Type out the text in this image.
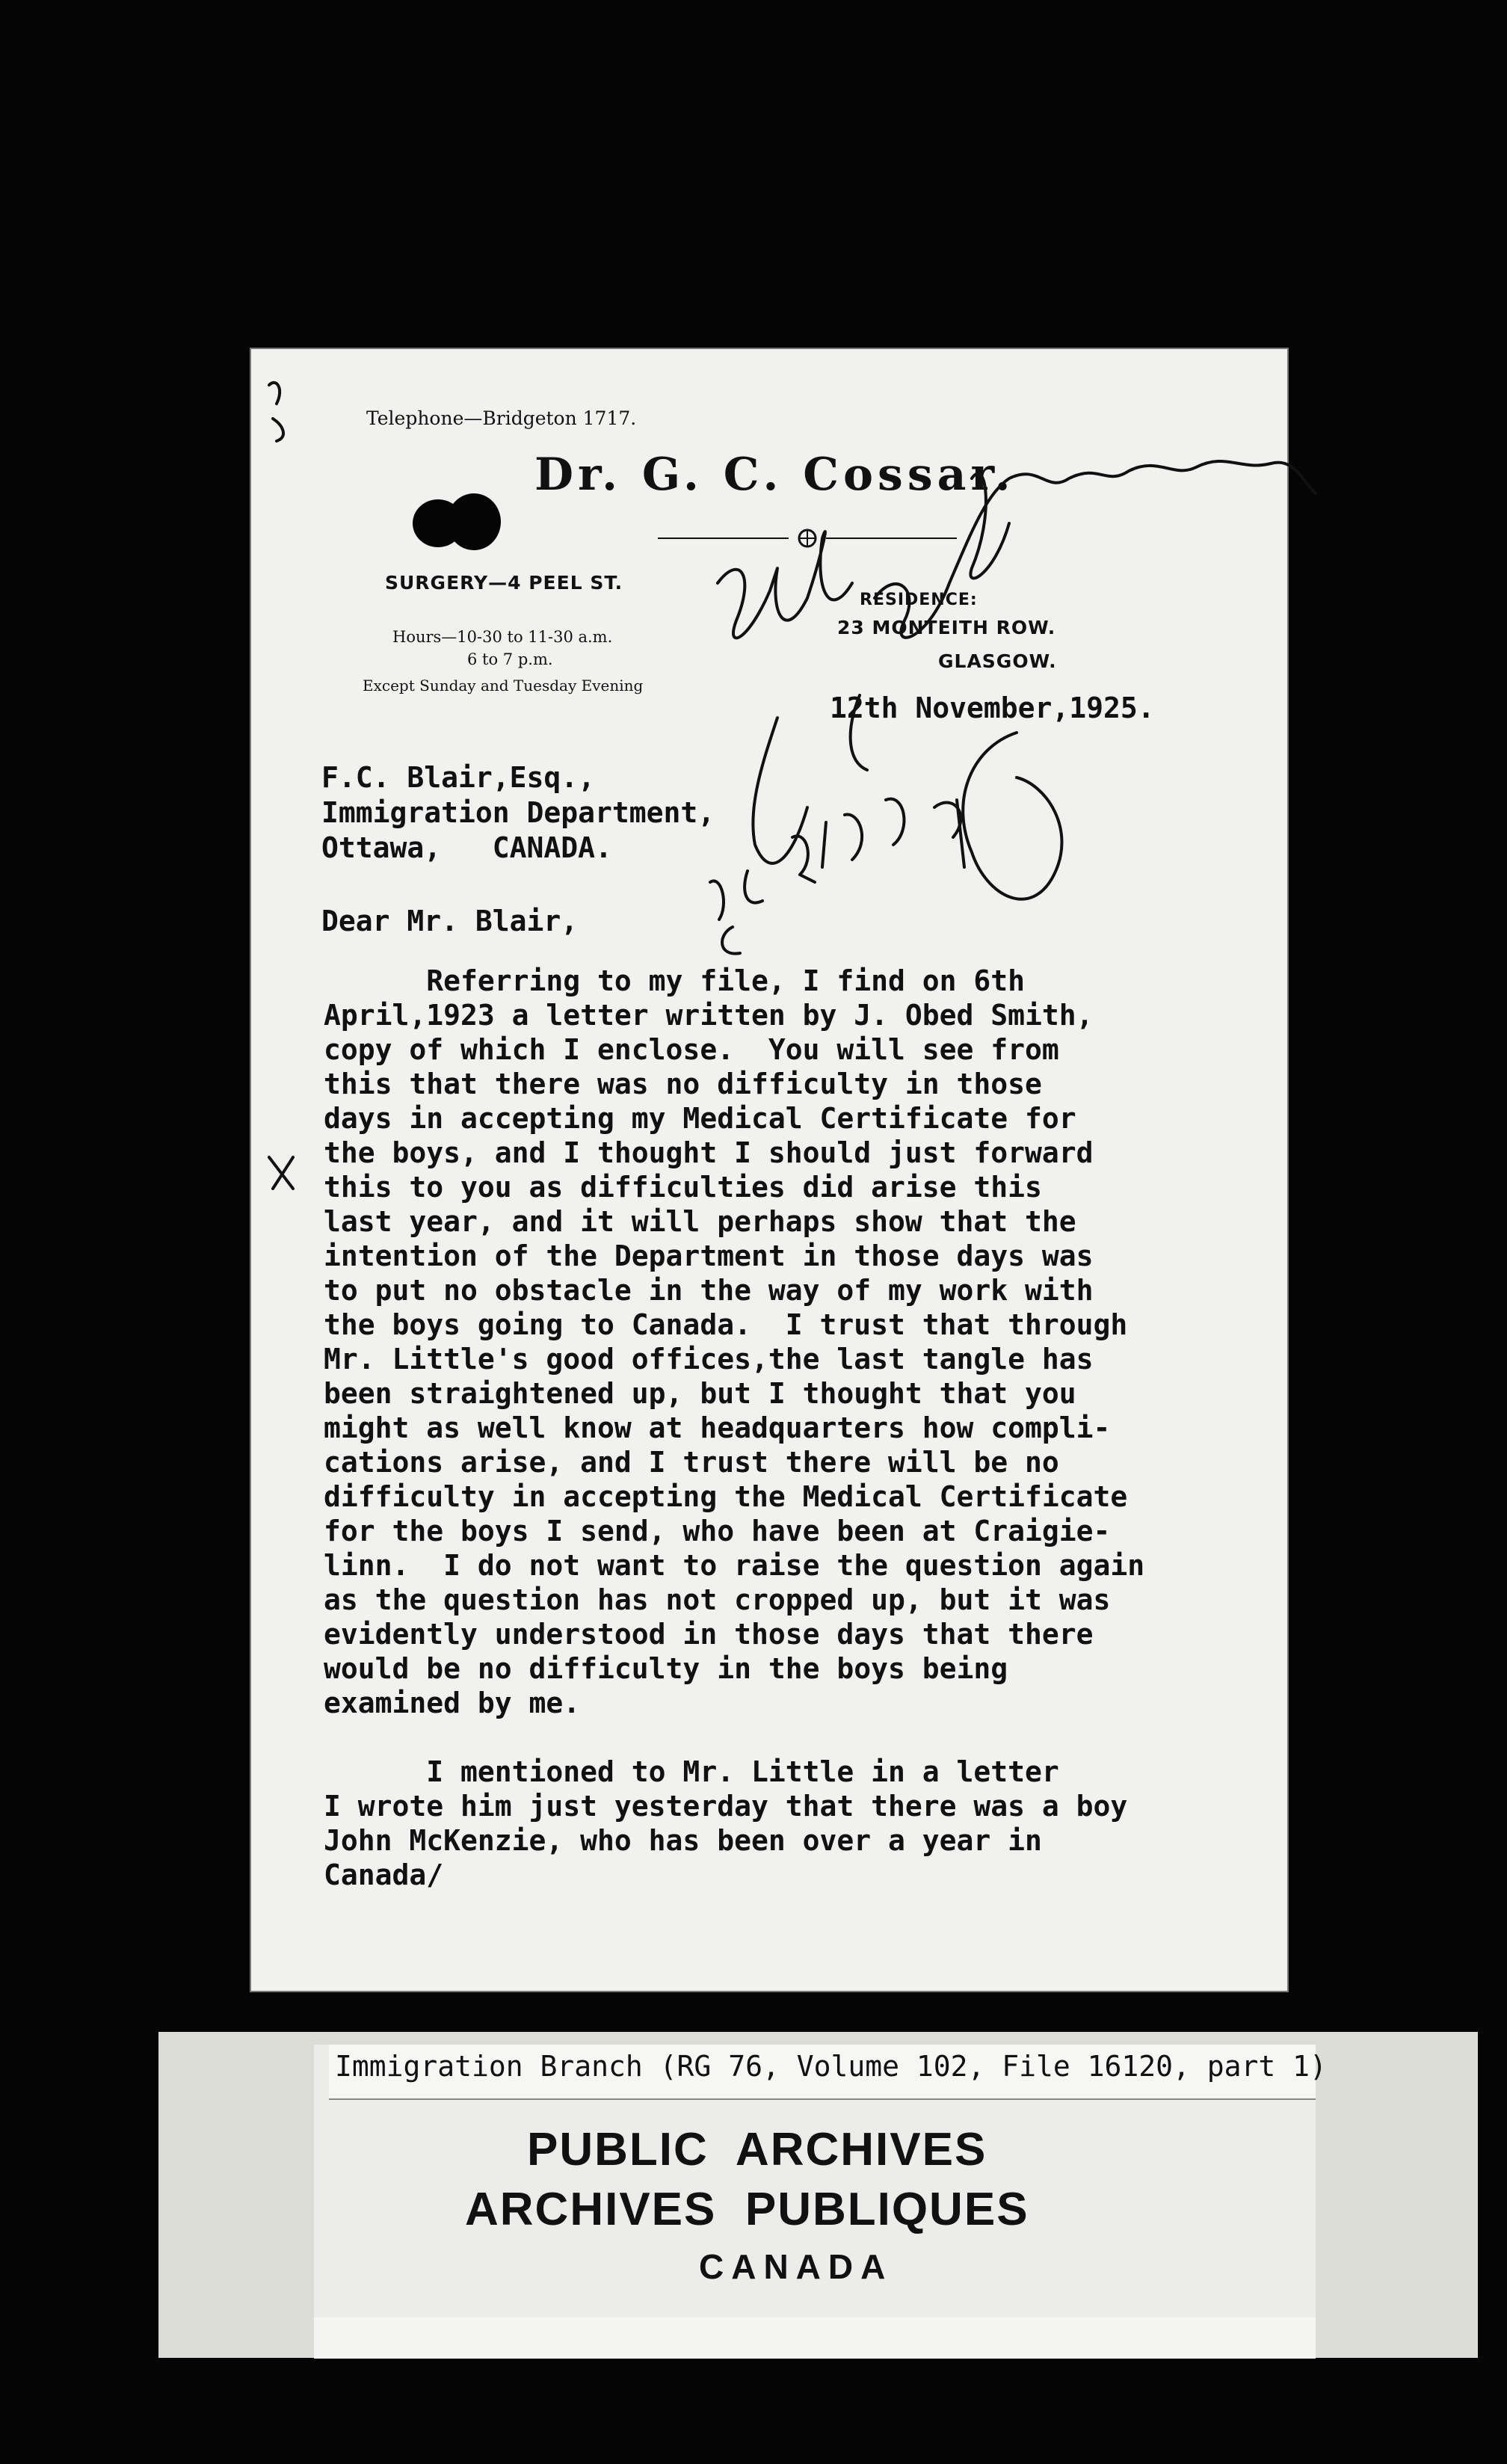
Telephone—Bridgeton 1717.
Dr. G. C. Cossar.
SURGERY—4 PEEL ST.
Hours—10-30 to 11-30 a.m.
6 to 7 p.m.
Except Sunday and Tuesday Evening
RESIDENCE:
23 MONTEITH ROW.
GLASGOW.
12th November,1925.
F.C. Blair,Esq.,
Immigration Department,
Ottawa,   CANADA.
Dear Mr. Blair,
Referring to my file, I find on 6th
April,1923 a letter written by J. Obed Smith,
copy of which I enclose.  You will see from
this that there was no difficulty in those
days in accepting my Medical Certificate for
the boys, and I thought I should just forward
this to you as difficulties did arise this
last year, and it will perhaps show that the
intention of the Department in those days was
to put no obstacle in the way of my work with
the boys going to Canada.  I trust that through
Mr. Little's good offices,the last tangle has
been straightened up, but I thought that you
might as well know at headquarters how compli-
cations arise, and I trust there will be no
difficulty in accepting the Medical Certificate
for the boys I send, who have been at Craigie-
linn.  I do not want to raise the question again
as the question has not cropped up, but it was
evidently understood in those days that there
would be no difficulty in the boys being
examined by me.
I mentioned to Mr. Little in a letter
I wrote him just yesterday that there was a boy
John McKenzie, who has been over a year in
Canada/
Immigration Branch (RG 76, Volume 102, File 16120, part 1)
PUBLIC  ARCHIVES
ARCHIVES  PUBLIQUES
CANADA
